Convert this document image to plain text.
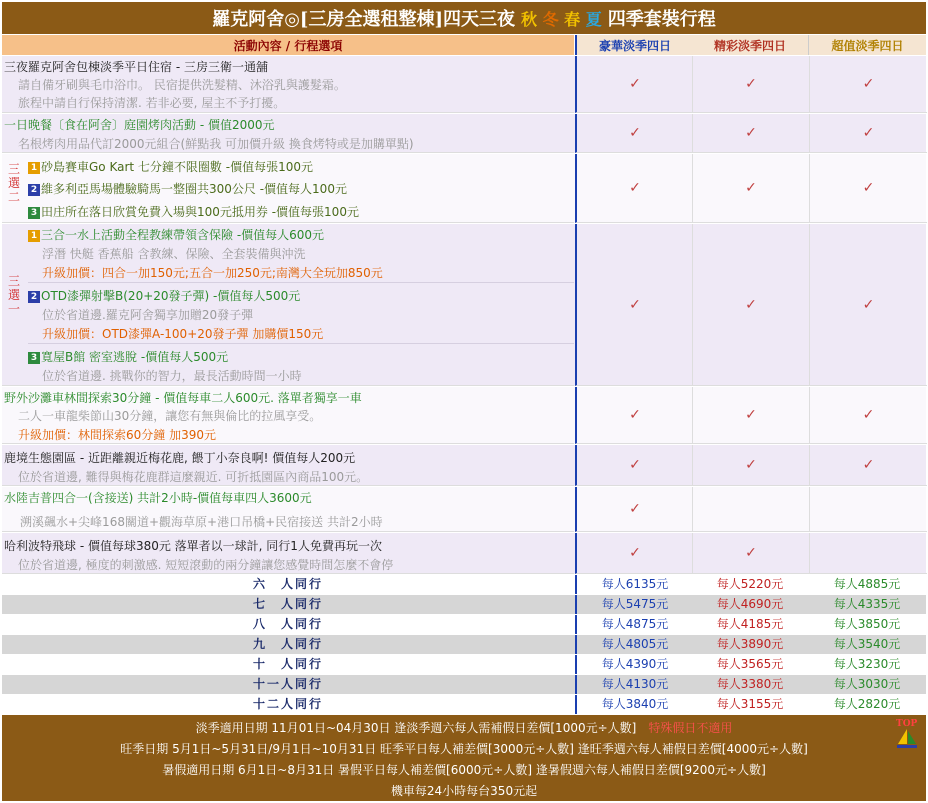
羅克阿舍◎[三房全選租整棟]四天三夜 秋 冬 春 夏 四季套裝行程
活動內容 / 行程選項	豪華淡季四日	精彩淡季四日	超值淡季四日
三夜羅克阿舍包棟淡季平日住宿 - 三房三衛一通舖
請自備牙刷與毛巾浴巾。 民宿提供洗髮精、沐浴乳與護髮霜。
旅程中請自行保持清潔. 若非必要, 屋主不予打擾。
✓	✓	✓
一日晚餐〔食在阿舍〕庭園烤肉活動 - 價值2000元
名根烤肉用品代訂2000元組合(鮮點我 可加價升級 換食烤特或是加購單點)
✓	✓	✓
三
選
二
1 砂島賽車Go Kart 七分鐘不限圈數 -價值每張100元
2 維多利亞馬場體驗騎馬一整圈共300公尺 -價值每人100元
3 田庄所在落日欣賞免費入場與100元抵用券 -價值每張100元
✓	✓	✓
三
選
一
1 三合一水上活動全程教練帶領含保險 -價值每人600元
浮潛 快艇 香蕉船 含教練、保險、全套裝備與沖洗
升級加價：四合一加150元;五合一加250元;南灣大全玩加850元
2 OTD漆彈射擊B(20+20發子彈) -價值每人500元
位於省道邊.羅克阿舍獨享加贈20發子彈
升級加價：OTD漆彈A-100+20發子彈 加購價150元
3 寬屋B館 密室逃脫 -價值每人500元
位於省道邊. 挑戰你的智力，最長活動時間一小時
✓	✓	✓
野外沙灘車林間探索30分鐘 - 價值每車二人600元. 落單者獨享一車
二人一車龍柴節山30分鐘，讓您有無與倫比的拉風享受。
升級加價：林間探索60分鐘 加390元
✓	✓	✓
鹿境生態園區 - 近距離親近梅花鹿, 餵丁小奈良啊! 價值每人200元
位於省道邊, 難得與梅花鹿群這麼親近. 可折抵園區內商品100元。
✓	✓	✓
水陸吉普四合一(含接送) 共計2小時-價值每車四人3600元
溯溪飆水+尖峰168關道+觀海草原+港口吊橋+民宿接送 共計2小時
✓
哈利波特飛球 - 價值每球380元 落單者以一球計, 同行1人免費再玩一次
位於省道邊, 極度的刺激感. 短短滾動的兩分鐘讓您感覺時間怎麼不會停
✓	✓
六　人同行	每人6135元	每人5220元	每人4885元
七　人同行	每人5475元	每人4690元	每人4335元
八　人同行	每人4875元	每人4185元	每人3850元
九　人同行	每人4805元	每人3890元	每人3540元
十　人同行	每人4390元	每人3565元	每人3230元
十一人同行	每人4130元	每人3380元	每人3030元
十二人同行	每人3840元	每人3155元	每人2820元
淡季適用日期 11月01日~04月30日 逢淡季週六每人需補假日差價[1000元÷人數]　 特殊假日不適用
旺季日期 5月1日~5月31日/9月1日~10月31日 旺季平日每人補差價[3000元÷人數] 逢旺季週六每人補假日差價[4000元÷人數]
暑假適用日期 6月1日~8月31日 暑假平日每人補差價[6000元÷人數] 逢暑假週六每人補假日差價[9200元÷人數]
機車每24小時每台350元起
TOP
